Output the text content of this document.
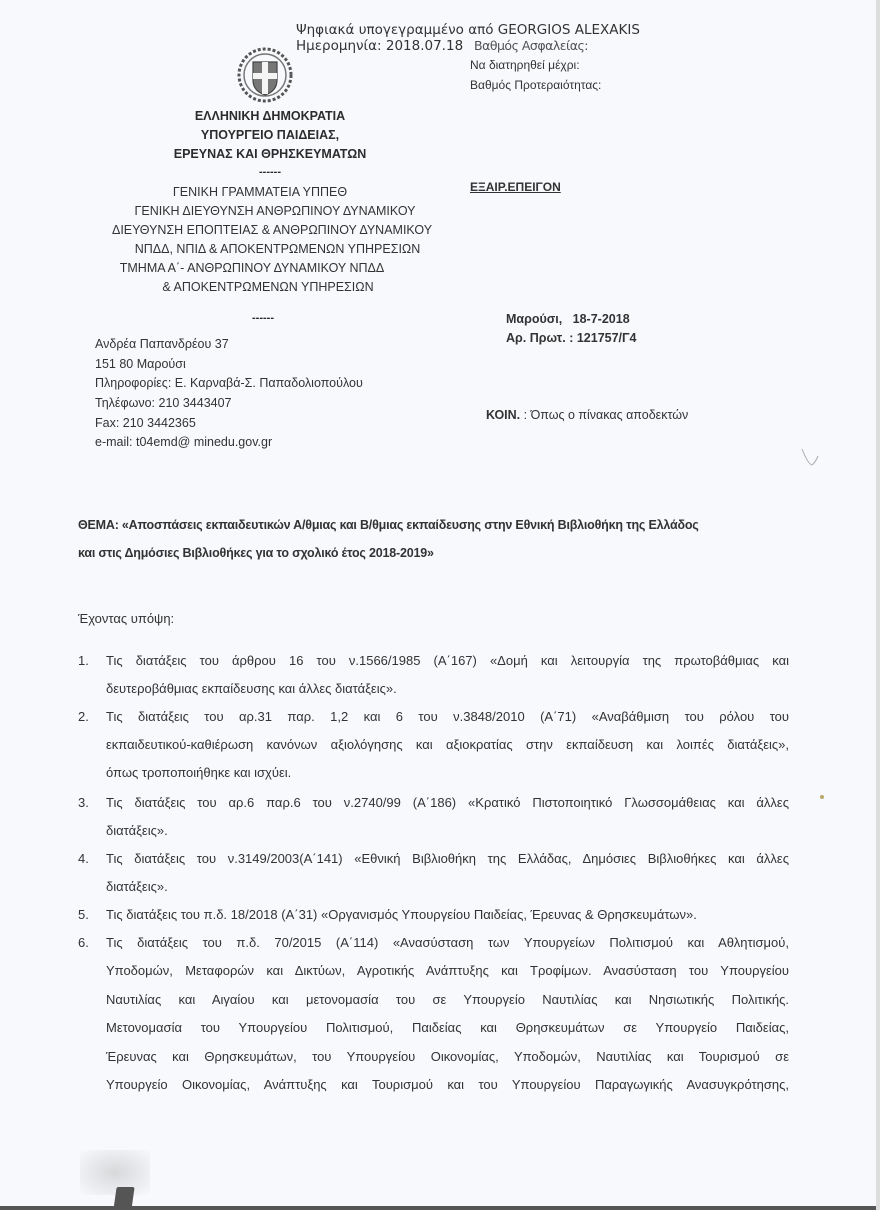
Ψηφιακά υπογεγραμμένο από GEORGIOS ALEXAKIS
Ημερομηνία: 2018.07.18 Βαθμός Ασφαλείας:
Να διατηρηθεί μέχρι:
Βαθμός Προτεραιότητας:
ΕΛΛΗΝΙΚΗ ΔΗΜΟΚΡΑΤΙΑ
ΥΠΟΥΡΓΕΙΟ ΠΑΙΔΕΙΑΣ,
ΕΡΕΥΝΑΣ ΚΑΙ ΘΡΗΣΚΕΥΜΑΤΩΝ
------
ΓΕΝΙΚΗ ΓΡΑΜΜΑΤΕΙΑ ΥΠΠΕΘ
ΓΕΝΙΚΗ ΔΙΕΥΘΥΝΣΗ ΑΝΘΡΩΠΙΝΟΥ ΔΥΝΑΜΙΚΟΥ
ΔΙΕΥΘΥΝΣΗ ΕΠΟΠΤΕΙΑΣ & ΑΝΘΡΩΠΙΝΟΥ ΔΥΝΑΜΙΚΟΥ
ΝΠΔΔ, ΝΠΙΔ & ΑΠΟΚΕΝΤΡΩΜΕΝΩΝ ΥΠΗΡΕΣΙΩΝ
ΤΜΗΜΑ Α΄- ΑΝΘΡΩΠΙΝΟΥ ΔΥΝΑΜΙΚΟΥ ΝΠΔΔ
& ΑΠΟΚΕΝΤΡΩΜΕΝΩΝ ΥΠΗΡΕΣΙΩΝ
------
ΕΞΑΙΡ.ΕΠΕΙΓΟΝ
Μαρούσι,   18-7-2018
Αρ. Πρωτ. : 121757/Γ4
Ανδρέα Παπανδρέου 37
151 80 Μαρούσι
Πληροφορίες: Ε. Καρναβά-Σ. Παπαδολιοπούλου
Τηλέφωνο: 210 3443407
Fax: 210 3442365
e-mail: t04emd@ minedu.gov.gr
ΚΟΙΝ. : Όπως ο πίνακας αποδεκτών
ΘΕΜΑ: «Αποσπάσεις εκπαιδευτικών Α/θμιας και Β/θμιας εκπαίδευσης στην Εθνική Βιβλιοθήκη της Ελλάδος
και στις Δημόσιες Βιβλιοθήκες για το σχολικό έτος 2018-2019»
Έχοντας υπόψη:
1. Τις διατάξεις του άρθρου 16 του ν.1566/1985 (Α΄167) «Δομή και λειτουργία της πρωτοβάθμιας και
δευτεροβάθμιας εκπαίδευσης και άλλες διατάξεις».
2. Τις διατάξεις του αρ.31 παρ. 1,2 και 6 του ν.3848/2010 (Α΄71) «Αναβάθμιση του ρόλου του
εκπαιδευτικού-καθιέρωση κανόνων αξιολόγησης και αξιοκρατίας στην εκπαίδευση και λοιπές διατάξεις»,
όπως τροποποιήθηκε και ισχύει.
3. Τις διατάξεις του αρ.6 παρ.6 του ν.2740/99 (Α΄186) «Κρατικό Πιστοποιητικό Γλωσσομάθειας και άλλες
διατάξεις».
4. Τις διατάξεις του ν.3149/2003(Α΄141) «Εθνική Βιβλιοθήκη της Ελλάδας, Δημόσιες Βιβλιοθήκες και άλλες
διατάξεις».
5. Τις διατάξεις του π.δ. 18/2018 (Α΄31) «Οργανισμός Υπουργείου Παιδείας, Έρευνας & Θρησκευμάτων».
6. Τις διατάξεις του π.δ. 70/2015 (Α΄114) «Ανασύσταση των Υπουργείων Πολιτισμού και Αθλητισμού,
Υποδομών, Μεταφορών και Δικτύων, Αγροτικής Ανάπτυξης και Τροφίμων. Ανασύσταση του Υπουργείου
Ναυτιλίας και Αιγαίου και μετονομασία του σε Υπουργείο Ναυτιλίας και Νησιωτικής Πολιτικής.
Μετονομασία του Υπουργείου Πολιτισμού, Παιδείας και Θρησκευμάτων σε Υπουργείο Παιδείας,
Έρευνας και Θρησκευμάτων, του Υπουργείου Οικονομίας, Υποδομών, Ναυτιλίας και Τουρισμού σε
Υπουργείο Οικονομίας, Ανάπτυξης και Τουρισμού και του Υπουργείου Παραγωγικής Ανασυγκρότησης,
